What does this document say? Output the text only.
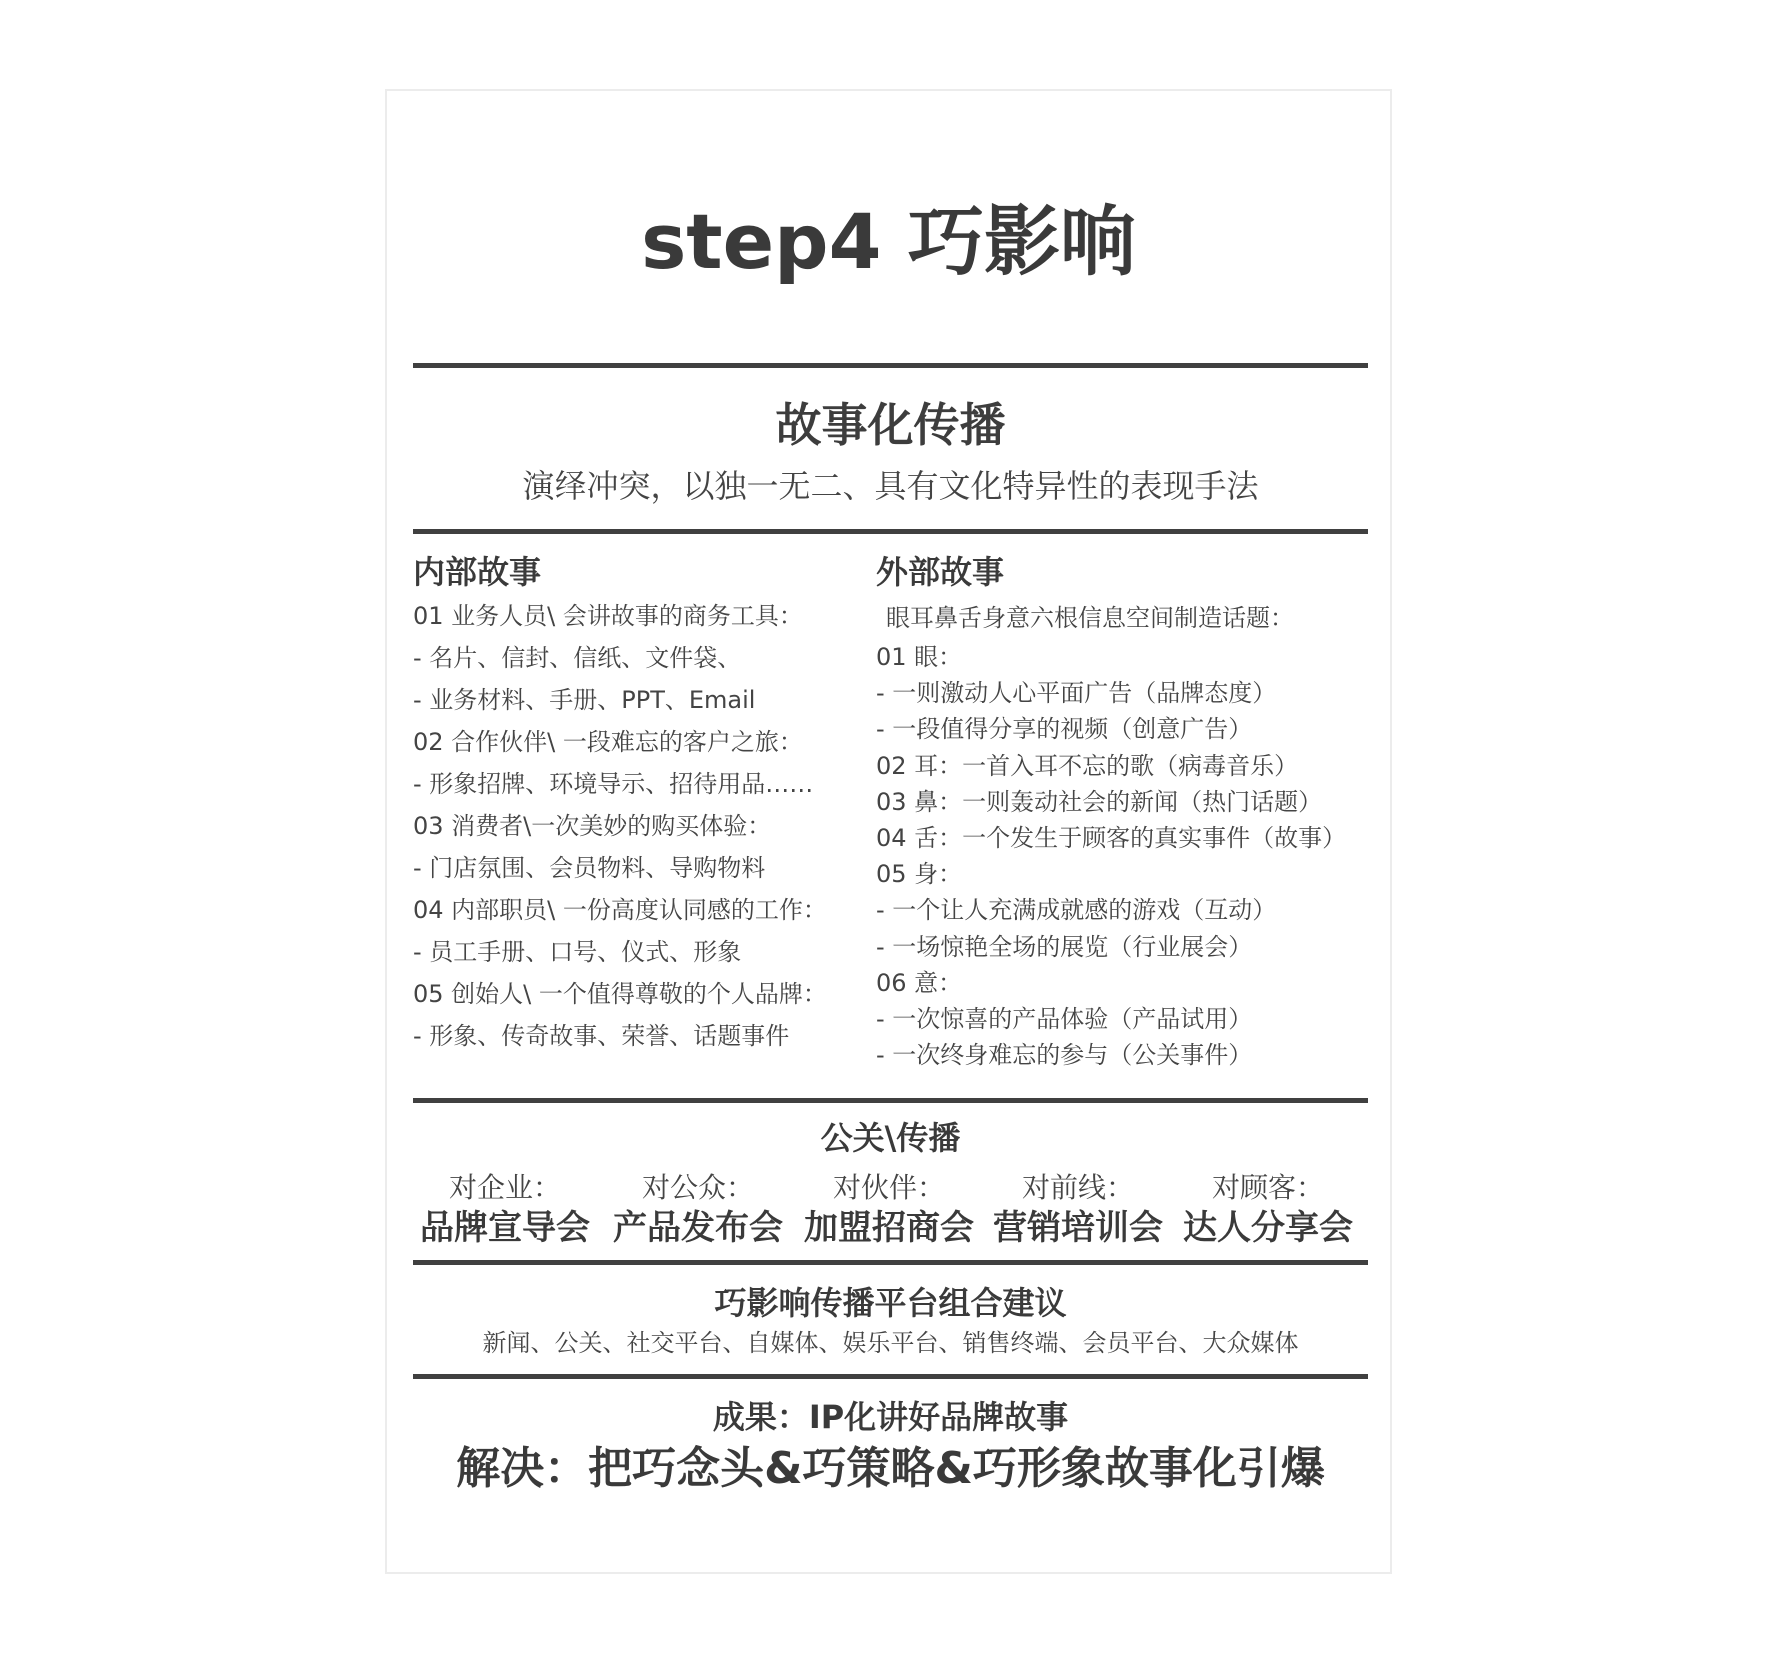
step4 巧影响
故事化传播
演绎冲突，以独一无二、具有文化特异性的表现手法
内部故事
01 业务人员\ 会讲故事的商务工具：
- 名片、信封、信纸、文件袋、
- 业务材料、手册、PPT、Email
02 合作伙伴\ 一段难忘的客户之旅：
- 形象招牌、环境导示、招待用品……
03 消费者\一次美妙的购买体验：
- 门店氛围、会员物料、导购物料
04 内部职员\ 一份高度认同感的工作：
- 员工手册、口号、仪式、形象
05 创始人\ 一个值得尊敬的个人品牌：
- 形象、传奇故事、荣誉、话题事件
外部故事
眼耳鼻舌身意六根信息空间制造话题：
01 眼：
- 一则激动人心平面广告（品牌态度）
- 一段值得分享的视频（创意广告）
02 耳：一首入耳不忘的歌（病毒音乐）
03 鼻：一则轰动社会的新闻（热门话题）
04 舌：一个发生于顾客的真实事件（故事）
05 身：
- 一个让人充满成就感的游戏（互动）
- 一场惊艳全场的展览（行业展会）
06 意：
- 一次惊喜的产品体验（产品试用）
- 一次终身难忘的参与（公关事件）
公关\传播
对企业：
品牌宣导会
对公众：
产品发布会
对伙伴：
加盟招商会
对前线：
营销培训会
对顾客：
达人分享会
巧影响传播平台组合建议
新闻、公关、社交平台、自媒体、娱乐平台、销售终端、会员平台、大众媒体
成果：IP化讲好品牌故事
解决：把巧念头&巧策略&巧形象故事化引爆
